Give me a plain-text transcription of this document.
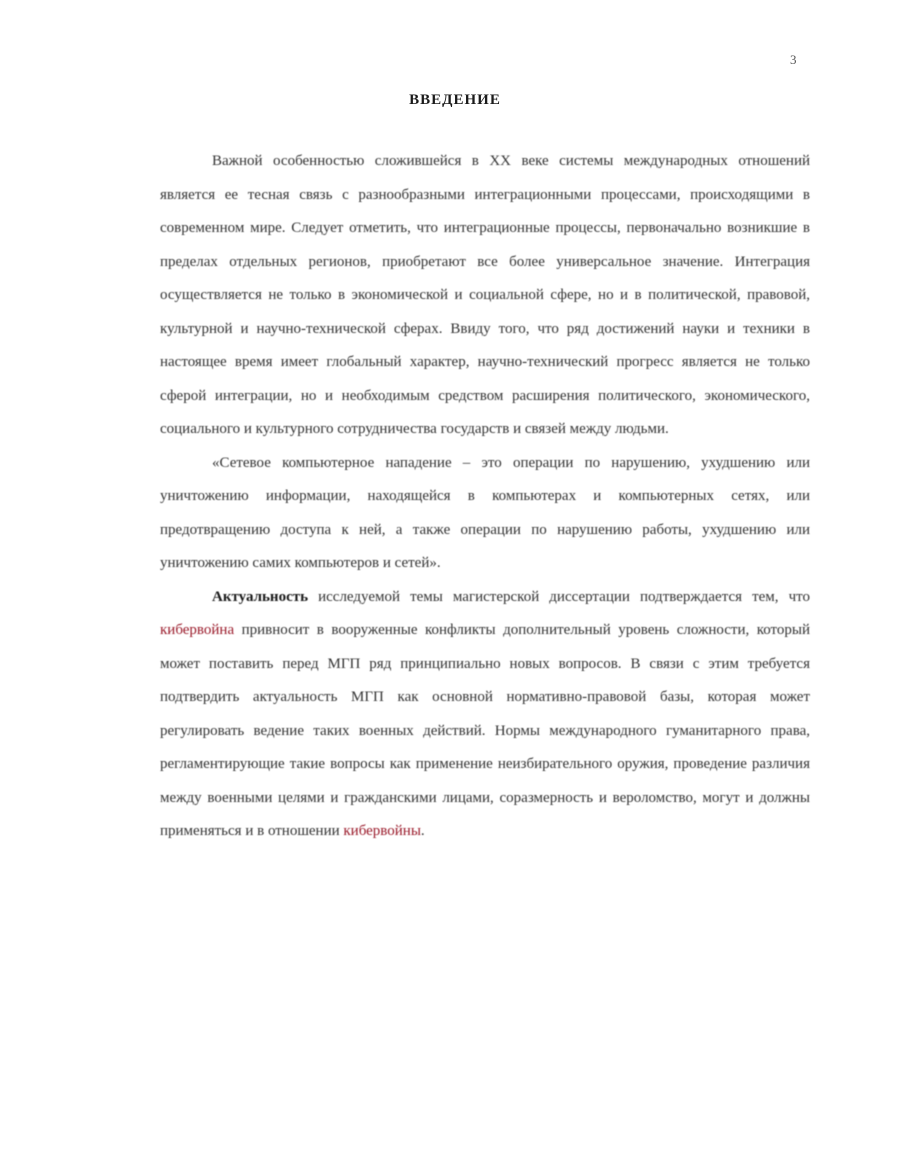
3
ВВЕДЕНИЕ

Важной особенностью сложившейся в XX веке системы международных отношений является ее тесная связь с разнообразными интеграционными процессами, происходящими в современном мире. Следует отметить, что интеграционные процессы, первоначально возникшие в пределах отдельных регионов, приобретают все более универсальное значение. Интеграция осуществляется не только в экономической и социальной сфере, но и в политической, правовой, культурной и научно-технической сферах. Ввиду того, что ряд достижений науки и техники в настоящее время имеет глобальный характер, научно-технический прогресс является не только сферой интеграции, но и необходимым средством расширения политического, экономического, социального и культурного сотрудничества государств и связей между людьми.

«Сетевое компьютерное нападение – это операции по нарушению, ухудшению или уничтожению информации, находящейся в компьютерах и компьютерных сетях, или предотвращению доступа к ней, а также операции по нарушению работы, ухудшению или уничтожению самих компьютеров и сетей».

Актуальность исследуемой темы магистерской диссертации подтверждается тем, что кибервойна привносит в вооруженные конфликты дополнительный уровень сложности, который может поставить перед МГП ряд принципиально новых вопросов. В связи с этим требуется подтвердить актуальность МГП как основной нормативно-правовой базы, которая может регулировать ведение таких военных действий. Нормы международного гуманитарного права, регламентирующие такие вопросы как применение неизбирательного оружия, проведение различия между военными целями и гражданскими лицами, соразмерность и вероломство, могут и должны применяться и в отношении кибервойны.
